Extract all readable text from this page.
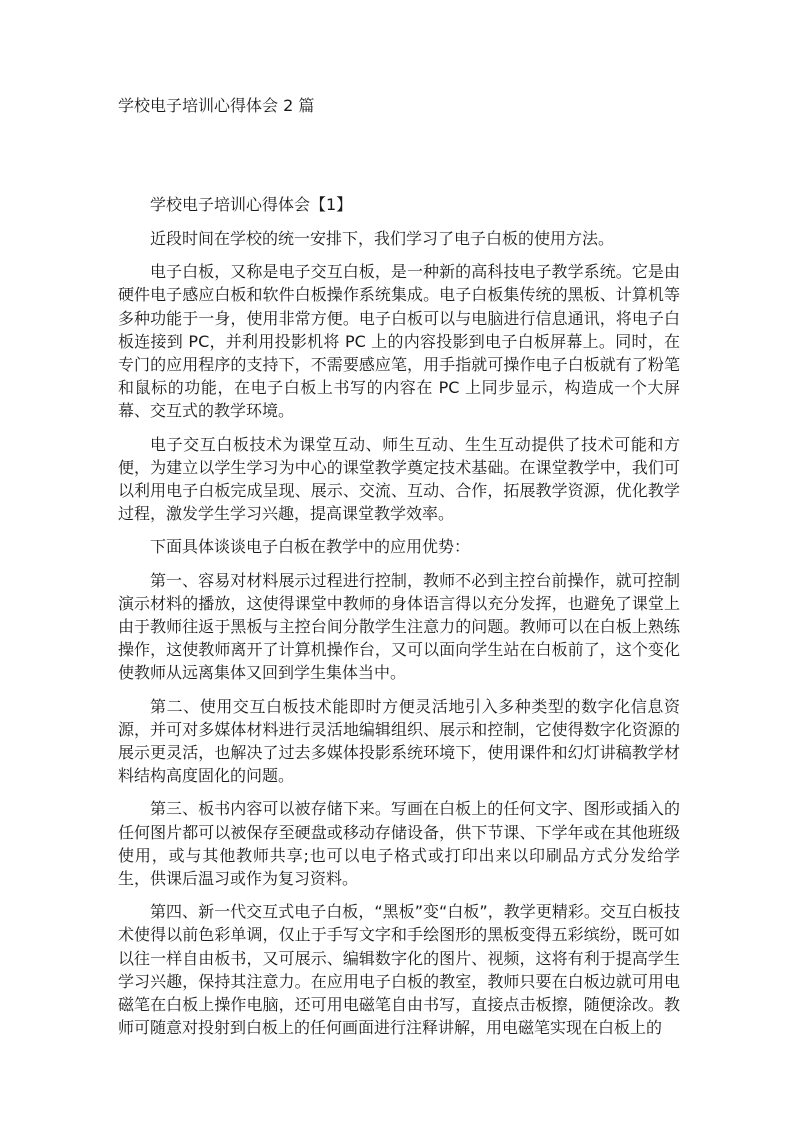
学校电子培训心得体会 2 篇

学校电子培训心得体会【1】

近段时间在学校的统一安排下，我们学习了电子白板的使用方法。

电子白板，又称是电子交互白板，是一种新的高科技电子教学系统。它是由硬件电子感应白板和软件白板操作系统集成。电子白板集传统的黑板、计算机等多种功能于一身，使用非常方便。电子白板可以与电脑进行信息通讯，将电子白板连接到 PC，并利用投影机将 PC 上的内容投影到电子白板屏幕上。同时，在专门的应用程序的支持下，不需要感应笔，用手指就可操作电子白板就有了粉笔和鼠标的功能，在电子白板上书写的内容在 PC 上同步显示，构造成一个大屏幕、交互式的教学环境。

电子交互白板技术为课堂互动、师生互动、生生互动提供了技术可能和方便，为建立以学生学习为中心的课堂教学奠定技术基础。在课堂教学中，我们可以利用电子白板完成呈现、展示、交流、互动、合作，拓展教学资源，优化教学过程，激发学生学习兴趣，提高课堂教学效率。

下面具体谈谈电子白板在教学中的应用优势：

第一、容易对材料展示过程进行控制，教师不必到主控台前操作，就可控制演示材料的播放，这使得课堂中教师的身体语言得以充分发挥，也避免了课堂上由于教师往返于黑板与主控台间分散学生注意力的问题。教师可以在白板上熟练操作，这使教师离开了计算机操作台，又可以面向学生站在白板前了，这个变化使教师从远离集体又回到学生集体当中。

第二、使用交互白板技术能即时方便灵活地引入多种类型的数字化信息资源，并可对多媒体材料进行灵活地编辑组织、展示和控制，它使得数字化资源的展示更灵活，也解决了过去多媒体投影系统环境下，使用课件和幻灯讲稿教学材料结构高度固化的问题。

第三、板书内容可以被存储下来。写画在白板上的任何文字、图形或插入的任何图片都可以被保存至硬盘或移动存储设备，供下节课、下学年或在其他班级使用，或与其他教师共享;也可以电子格式或打印出来以印刷品方式分发给学生，供课后温习或作为复习资料。

第四、新一代交互式电子白板，“黑板”变“白板”，教学更精彩。交互白板技术使得以前色彩单调，仅止于手写文字和手绘图形的黑板变得五彩缤纷，既可如以往一样自由板书，又可展示、编辑数字化的图片、视频，这将有利于提高学生学习兴趣，保持其注意力。在应用电子白板的教室，教师只要在白板边就可用电磁笔在白板上操作电脑，还可用电磁笔自由书写，直接点击板擦，随便涂改。教师可随意对投射到白板上的任何画面进行注释讲解，用电磁笔实现在白板上的
